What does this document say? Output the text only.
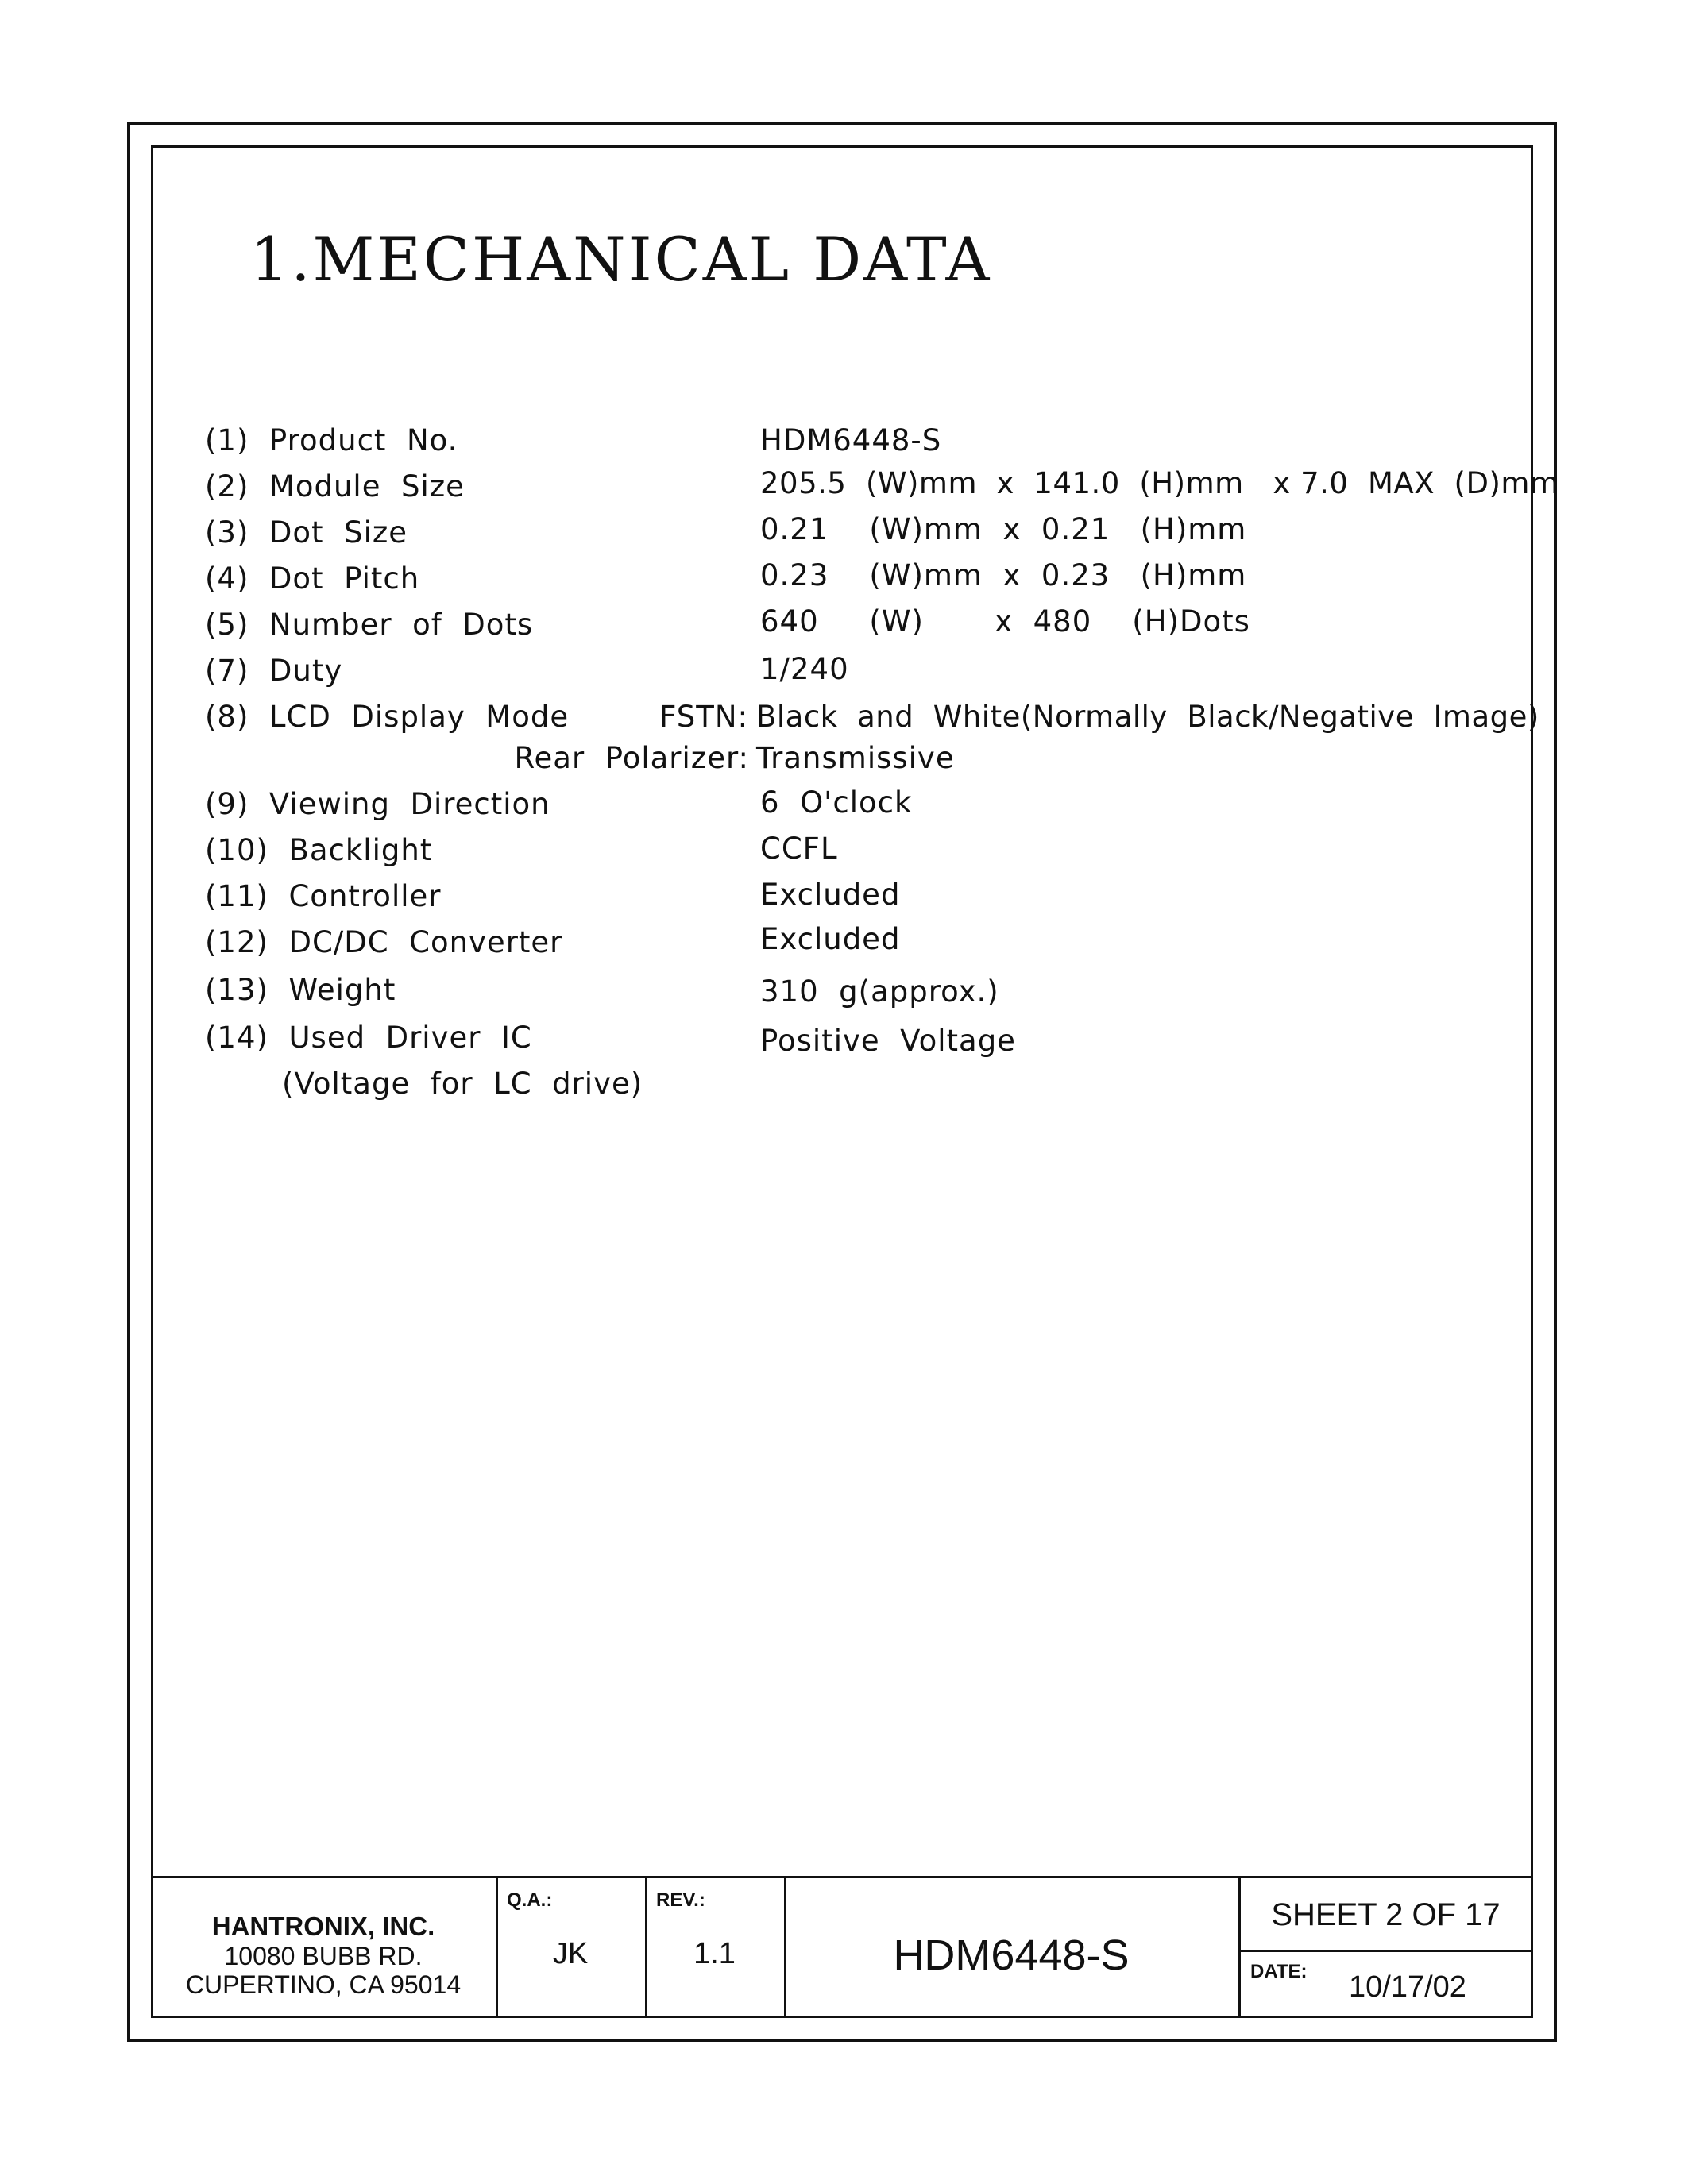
1.MECHANICAL DATA
(1)  Product  No.	HDM6448-S
(2)  Module  Size	205.5  (W)mm  x  141.0  (H)mm   x 7.0  MAX  (D)mm
(3)  Dot  Size	0.21    (W)mm  x  0.21   (H)mm
(4)  Dot  Pitch	0.23    (W)mm  x  0.23   (H)mm
(5)  Number  of  Dots	640     (W)       x  480    (H)Dots
(7)  Duty	1/240
(8)  LCD  Display  Mode	FSTN: Black  and  White(Normally  Black/Negative  Image)
Rear  Polarizer: Transmissive
(9)  Viewing  Direction	6  O'clock
(10)  Backlight	CCFL
(11)  Controller	Excluded
(12)  DC/DC  Converter	Excluded
(13)  Weight	310  g(approx.)
(14)  Used  Driver  IC	Positive  Voltage
(Voltage  for  LC  drive)
HANTRONIX, INC.
10080 BUBB RD.
CUPERTINO, CA 95014
Q.A.:
JK
REV.:
1.1	HDM6448-S
SHEET 2 OF 17
DATE: 10/17/02
